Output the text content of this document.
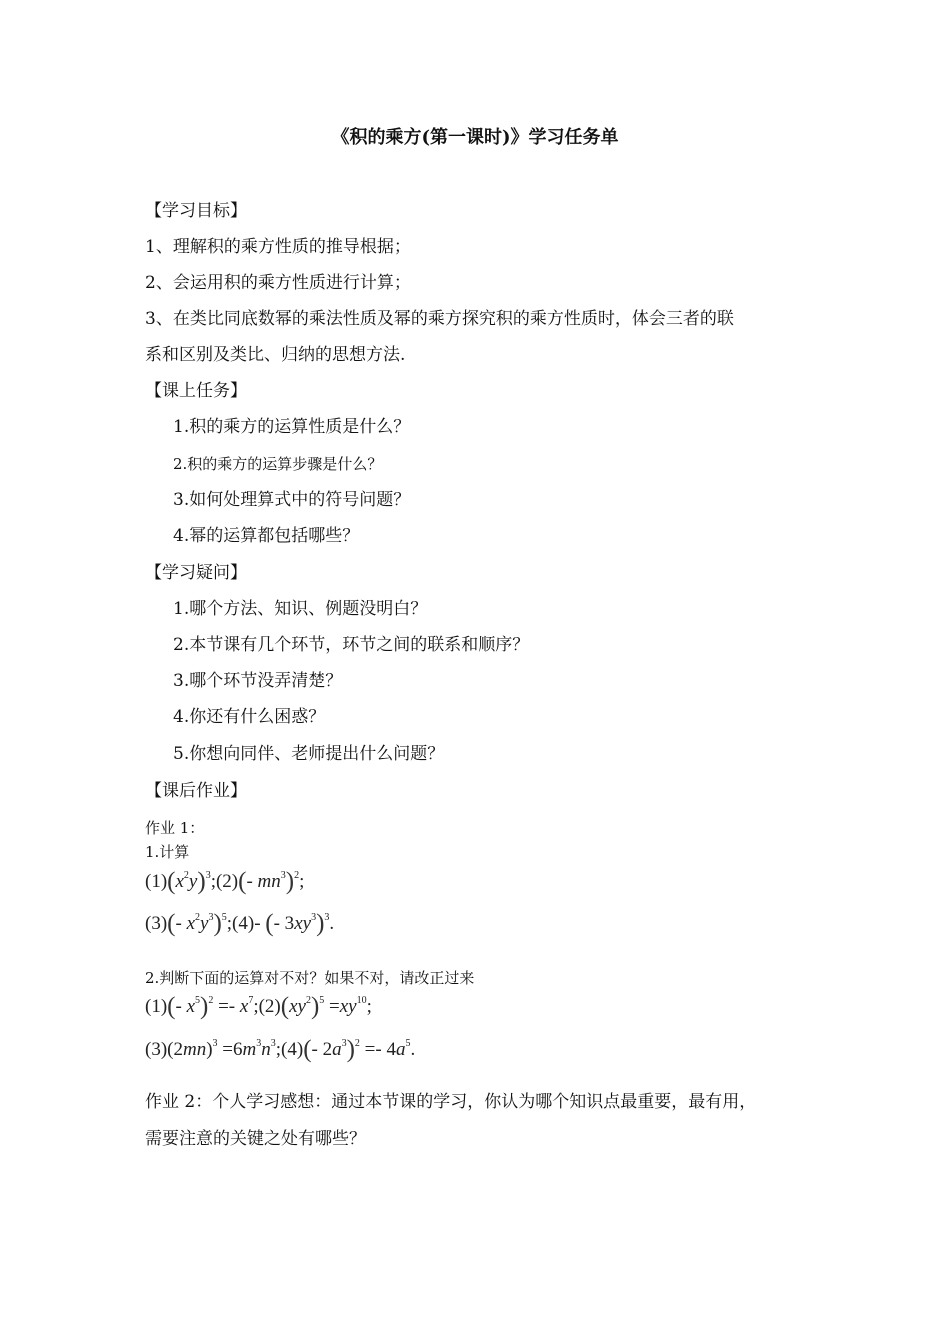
《积的乘方(第一课时)》学习任务单
【学习目标】
1、理解积的乘方性质的推导根据；
2、会运用积的乘方性质进行计算；
3、在类比同底数幂的乘法性质及幂的乘方探究积的乘方性质时，体会三者的联
系和区别及类比、归纳的思想方法.
【课上任务】
1.积的乘方的运算性质是什么？
2.积的乘方的运算步骤是什么？
3.如何处理算式中的符号问题？
4.幂的运算都包括哪些？
【学习疑问】
1.哪个方法、知识、例题没明白？
2.本节课有几个环节，环节之间的联系和顺序？
3.哪个环节没弄清楚？
4.你还有什么困惑？
5.你想向同伴、老师提出什么问题？
【课后作业】
作业 1：
1.计算
$(1)(x^2y)^3;(2)(-$ $mn^3)^2$;
(3)(- $x^2y^3)^5;(4)-$ (- $3xy^3)^3$.
2.判断下面的运算对不对？如果不对，请改正过来
(1)(- $x^5)^2$ =- $x^7;(2)(xy^2)^5 =xy^{10}$;
$(3)(2mn)^3$ $=6m^3n^3;(4)(-$ $2a^3)^2 =- 4a^5$.
作业 2：个人学习感想：通过本节课的学习，你认为哪个知识点最重要，最有用，
需要注意的关键之处有哪些？
